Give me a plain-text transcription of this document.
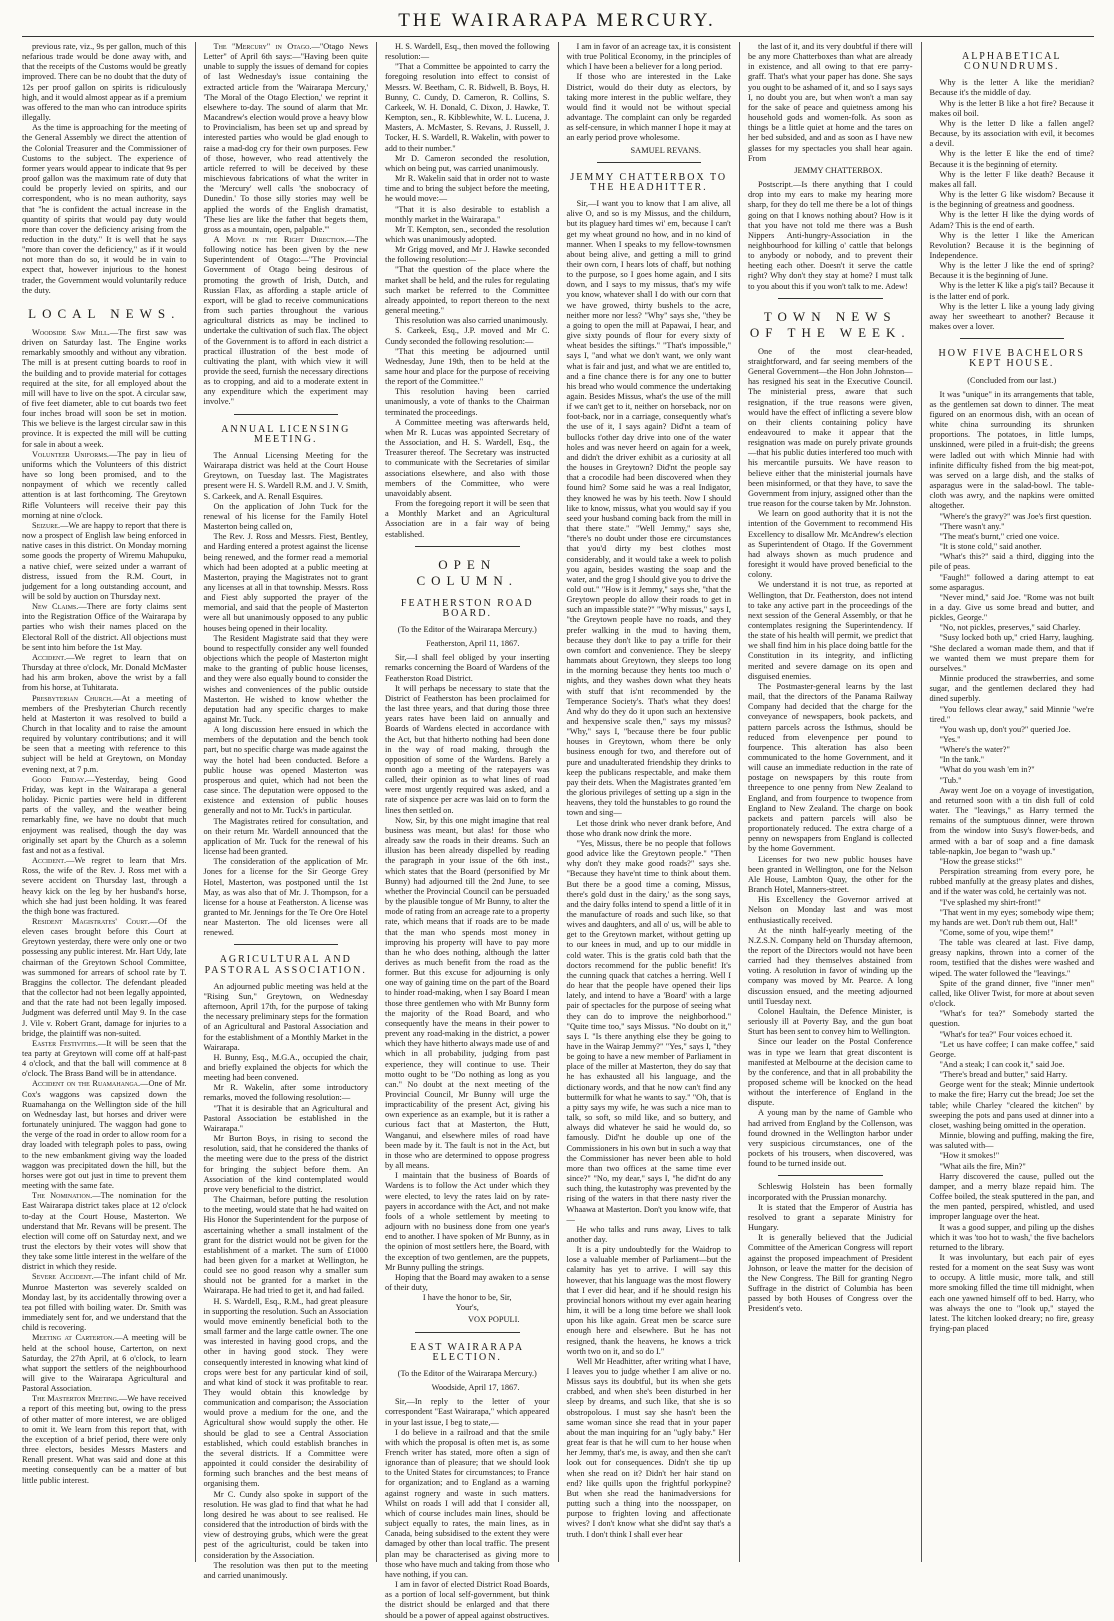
THE WAIRARAPA MERCURY.

previous rate, viz., 9s per gallon, much of this nefarious trade would be done away with, and that the receipts of the Customs would be greatly improved. There can be no doubt that the duty of 12s per proof gallon on spirits is ridiculously high, and it would almost appear as if a premium was offered to the man who can introduce spirits illegally.

As the time is approaching for the meeting of the General Assembly we direct the attention of the Colonial Treasurer and the Commissioner of Customs to the subject. The experience of former years would appear to indicate that 9s per proof gallon was the maximum rate of duty that could be properly levied on spirits, and our correspondent, who is no mean authority, says that "he is confident the actual increase in the quantity of spirits that would pay duty would more than cover the deficiency arising from the reduction in the duty." It is well that he says "more than cover the deficiency," as if it would not more than do so, it would be in vain to expect that, however injurious to the honest trader, the Government would voluntarily reduce the duty.

LOCAL NEWS.

Woodside Saw Mill.—The first saw was driven on Saturday last. The Engine works remarkably smoothly and without any vibration. The mill is at present cutting boards to roof in the building and to provide material for cottages required at the site, for all employed about the mill will have to live on the spot. A circular saw, of five feet diameter, able to cut boards two feet four inches broad will soon be set in motion. This we believe is the largest circular saw in this province. It is expected the mill will be cutting for sale in about a week.

Volunteer Uniforms.—The pay in lieu of uniforms which the Volunteers of this district have so long been promised, and to the nonpayment of which we recently called attention is at last forthcoming. The Greytown Rifle Volunteers will receive their pay this morning at nine o'clock.

Seizure.—We are happy to report that there is now a prospect of English law being enforced in native cases in this district. On Monday morning some goods the property of Wiremu Mahupuku, a native chief, were seized under a warrant of distress, issued from the R.M. Court, in judgement for a long outstanding account, and will be sold by auction on Thursday next.

New Claims.—There are forty claims sent into the Registration Office of the Wairarapa by parties who wish their names placed on the Electoral Roll of the district. All objections must be sent into him before the 1st May.

Accident.—We regret to learn that on Thursday at three o'clock, Mr. Donald McMaster had his arm broken, above the wrist by a fall from his horse, at Tuhitarata.

Presbyterian Church.—At a meeting of members of the Presbyterian Church recently held at Masterton it was resolved to build a Church in that locality and to raise the amount required by voluntary contributions; and it will be seen that a meeting with reference to this subject will be held at Greytown, on Monday evening next, at 7 p.m.

Good Friday.—Yesterday, being Good Friday, was kept in the Wairarapa a general holiday. Picnic parties were held in different parts of the valley, and the weather being remarkably fine, we have no doubt that much enjoyment was realised, though the day was originally set apart by the Church as a solemn fast and not as a festival.

Accident.—We regret to learn that Mrs. Ross, the wife of the Rev. J. Ross met with a severe accident on Thursday last, through a heavy kick on the leg by her husband's horse, which she had just been holding. It was feared the thigh bone was fractured.

Resident Magistrates' Court.—Of the eleven cases brought before this Court at Greytown yesterday, there were only one or two possessing any public interest. Mr. Hart Udy, late chairman of the Greytown School Committee, was summoned for arrears of school rate by T. Braggins the collector. The defendant pleaded that the collector had not been legally appointed, and that the rate had not been legally imposed. Judgment was deferred until May 9. In the case J. Vile v. Robert Grant, damage for injuries to a bridge, the plaintiff was non-suited.

Easter Festivities.—It will be seen that the tea party at Greytown will come off at half-past 4 o'clock, and that the ball will commence at 8 o'clock. The Brass Band will be in attendance.

Accident on the Ruamahanga.—One of Mr. Cox's waggons was capsized down the Ruamahanga on the Wellington side of the hill on Wednesday last, but horses and driver were fortunately uninjured. The waggon had gone to the verge of the road in order to allow room for a dray loaded with telegraph poles to pass, owing to the new embankment giving way the loaded waggon was precipitated down the hill, but the horses were got out just in time to prevent them meeting with the same fate.

The Nomination.—The nomination for the East Wairarapa district takes place at 12 o'clock to-day at the Court House, Masterton. We understand that Mr. Revans will be present. The election will come off on Saturday next, and we trust the electors by their votes will show that they take some little interest in the welfare of the district in which they reside.

Severe Accident.—The infant child of Mr. Munroe Masterton was severely scalded on Monday last, by its accidentally throwing over a tea pot filled with boiling water. Dr. Smith was immediately sent for, and we understand that the child is recovering.

Meeting at Carterton.—A meeting will be held at the school house, Carterton, on next Saturday, the 27th April, at 6 o'clock, to learn what support the settlers of the neighbourhood will give to the Wairarapa Agricultural and Pastoral Association.

The Masterton Meeting.—We have received a report of this meeting but, owing to the press of other matter of more interest, we are obliged to omit it. We learn from this report that, with the exception of a brief period, there were only three electors, besides Messrs Masters and Renall present. What was said and done at this meeting consequently can be a matter of but little public interest.

The "Mercury" in Otago.—"Otago News Letter" of April 6th says:—"Having been quite unable to supply the issues of demand for copies of last Wednesday's issue containing the extracted article from the 'Wairarapa Mercury,' 'The Moral of the Otago Election,' we reprint it elsewhere to-day. The sound of alarm that Mr. Macandrew's election would prove a heavy blow to Provincialism, has been set up and spread by interested parties who would be glad enough to raise a mad-dog cry for their own purposes. Few of those, however, who read attentively the article referred to will be deceived by these mischievous fabrications of what the writer in the 'Mercury' well calls 'the snobocracy of Dunedin.' To those silly stories may well be applied the words of the English dramatist, 'These lies are like the father that begets them, gross as a mountain, open, palpable.'"

A Move in the Right Direction.—The following notice has been given by the new Superintendent of Otago:—"The Provincial Government of Otago being desirous of promoting the growth of Irish, Dutch, and Russian Flax, as affording a staple article of export, will be glad to receive communications from such parties throughout the various agricultural districts as may be inclined to undertake the cultivation of such flax. The object of the Government is to afford in each district a practical illustration of the best mode of cultivating the plant, with which view it will provide the seed, furnish the necessary directions as to cropping, and aid to a moderate extent in any expenditure which the experiment may involve."

ANNUAL LICENSING MEETING.

The Annual Licensing Meeting for the Wairarapa district was held at the Court House Greytown, on Tuesday last. The Magistrates present were H. S. Wardell R.M. and J. V. Smith, S. Carkeek, and A. Renall Esquires.

On the application of John Tuck for the renewal of his license for the Family Hotel Masterton being called on,

The Rev. J. Ross and Messrs. Fiest, Bentley, and Harding entered a protest against the license being renewed, and the former read a memorial which had been adopted at a public meeting at Masterton, praying the Magistrates not to grant any licenses at all in that township. Messrs. Ross and Fiest ably supported the prayer of the memorial, and said that the people of Masterton were all but unanimously opposed to any public houses being opened in their locality.

The Resident Magistrate said that they were bound to respectfully consider any well founded objections which the people of Masterton might make to the granting of public house licenses, and they were also equally bound to consider the wishes and conveniences of the public outside Masterton. He wished to know whether the deputation had any specific charges to make against Mr. Tuck.

A long discussion here ensued in which the members of the deputation and the bench took part, but no specific charge was made against the way the hotel had been conducted. Before a public house was opened Masterton was prosperous and quiet, which had not been the case since. The deputation were opposed to the existence and extension of public houses generally and not to Mr. Tuck's in particular.

The Magistrates retired for consultation, and on their return Mr. Wardell announced that the application of Mr. Tuck for the renewal of his license had been granted.

The consideration of the application of Mr. Jones for a license for the Sir George Grey Hotel, Masterton, was postponed until the 1st May, as was also that of Mr. J. Thompson, for a license for a house at Featherston. A license was granted to Mr. Jennings for the Te Ore Ore Hotel near Masterton. The old licenses were all renewed.

AGRICULTURAL AND PASTORAL ASSOCIATION.

An adjourned public meeting was held at the "Rising Sun," Greytown, on Wednesday afternoon, April 17th, for the purpose of taking the necessary preliminary steps for the formation of an Agricultural and Pastoral Association and for the establishment of a Monthly Market in the Wairarapa.

H. Bunny, Esq., M.G.A., occupied the chair, and briefly explained the objects for which the meeting had been convened.

Mr R. Wakelin, after some introductory remarks, moved the following resolution:—

"That it is desirable that an Agricultural and Pastoral Association be established in the Wairarapa."

Mr Burton Boys, in rising to second the resolution, said, that he considered the thanks of the meeting were due to the press of the district for bringing the subject before them. An Association of the kind contemplated would prove very beneficial to the district.

The Chairman, before putting the resolution to the meeting, would state that he had waited on His Honor the Superintendent for the purpose of ascertaining whether a small instalment of the grant for the district would not be given for the establishment of a market. The sum of £1000 had been given for a market at Wellington, he could see no good reason why a smaller sum should not be granted for a market in the Wairarapa. He had tried to get it, and had failed.

H. S. Wardell, Esq., R.M., had great pleasure in supporting the resolution. Such an Association would move eminently beneficial both to the small farmer and the large cattle owner. The one was interested in having good crops, and the other in having good stock. They were consequently interested in knowing what kind of crops were best for any particular kind of soil, and what kind of stock it was profitable to rear. They would obtain this knowledge by communication and comparison; the Association would prove a medium for the one, and the Agricultural show would supply the other. He should be glad to see a Central Association established, which could establish branches in the several districts. If a Committee were appointed it could consider the desirability of forming such branches and the best means of organising them.

Mr C. Cundy also spoke in support of the resolution. He was glad to find that what he had long desired he was about to see realised. He considered that the introduction of birds with the view of destroying grubs, which were the great pest of the agriculturist, could be taken into consideration by the Association.

The resolution was then put to the meeting and carried unanimously.

H. S. Wardell, Esq., then moved the following resolution:—

"That a Committee be appointed to carry the foregoing resolution into effect to consist of Messrs. W. Beetham, C. R. Bidwell, B. Boys, H. Bunny, C. Cundy, D. Cameron, R. Collins, S. Carkeek, W. H. Donald, C. Dixon, J. Hawke, T. Kempton, sen., R. Kibblewhite, W. L. Lucena, J. Masters, A. McMaster, S. Revans, J. Russell, J. Tocker, H. S. Wardell, R. Wakelin, with power to add to their number."

Mr D. Cameron seconded the resolution, which on being put, was carried unanimously.

Mr R. Wakelin said that in order not to waste time and to bring the subject before the meeting, he would move:—

"That it is also desirable to establish a monthly market in the Wairarapa."

Mr T. Kempton, sen., seconded the resolution which was unanimously adopted.

Mr Grigg moved, and Mr J. Hawke seconded the following resolution:—

"That the question of the place where the market shall be held, and the rules for regulating such market be referred to the Committee already appointed, to report thereon to the next general meeting."

This resolution was also carried unanimously.

S. Carkeek, Esq., J.P. moved and Mr C. Cundy seconded the following resolution:—

"That this meeting be adjourned until Wednesday, June 19th, then to be held at the same hour and place for the purpose of receiving the report of the Committee."

This resolution having been carried unanimously, a vote of thanks to the Chairman terminated the proceedings.

A Committee meeting was afterwards held, when Mr R. Lucas was appointed Secretary of the Association, and H. S. Wardell, Esq., the Treasurer thereof. The Secretary was instructed to communicate with the Secretaries of similar associations elsewhere, and also with those members of the Committee, who were unavoidably absent.

From the foregoing report it will be seen that a Monthly Market and an Agricultural Association are in a fair way of being established.

OPEN COLUMN.
FEATHERSTON ROAD BOARD.
(To the Editor of the Wairarapa Mercury.)
Featherston, April 11, 1867.

Sir,—I shall feel obliged by your inserting remarks concerning the Board of Wardens of the Featherston Road District.

It will perhaps be necessary to state that the District of Featherston has been proclaimed for the last three years, and that during those three years rates have been laid on annually and Boards of Wardens elected in accordance with the Act, but that hitherto nothing had been done in the way of road making, through the opposition of some of the Wardens. Barely a month ago a meeting of the ratepayers was called, their opinion as to what lines of road were most urgently required was asked, and a rate of sixpence per acre was laid on to form the lines then settled on.

Now, Sir, by this one might imagine that real business was meant, but alas! for those who already saw the roads in their dreams. Such an illusion has been already dispelled by reading the paragraph in your issue of the 6th inst., which states that the Board (personified by Mr Bunny) had adjourned till the 2nd June, to see whether the Provincial Council can be persuaded by the plausible tongue of Mr Bunny, to alter the mode of rating from an acreage rate to a property rate, which means that if roads are to be made that the man who spends most money in improving his property will have to pay more than he who does nothing, although the latter derives as much benefit from the road as the former. But this excuse for adjourning is only one way of gaining time on the part of the Board to hinder road-making, when I say Board I mean those three gentlemen who with Mr Bunny form the majority of the Road Board, and who consequently have the means in their power to prevent any road-making in the district, a power which they have hitherto always made use of and which in all probability, judging from past experience, they will continue to use. Their motto ought to be "Do nothing as long as you can." No doubt at the next meeting of the Provincial Council, Mr Bunny will urge the impracticability of the present Act, giving his own experience as an example, but it is rather a curious fact that at Masterton, the Hutt, Wanganui, and elsewhere miles of road have been made by it. The fault is not in the Act, but in those who are determined to oppose progress by all means.

I maintain that the business of Boards of Wardens is to follow the Act under which they were elected, to levy the rates laid on by rate-payers in accordance with the Act, and not make fools of a whole settlement by meeting to adjourn with no business done from one year's end to another. I have spoken of Mr Bunny, as in the opinion of most settlers here, the Board, with the exception of two gentlemen, are the puppets, Mr Bunny pulling the strings.

Hoping that the Board may awaken to a sense of their duty,

I have the honor to be, Sir,
Your's,
VOX POPULI.
EAST WAIRARAPA ELECTION.
(To the Editor of the Wairarapa Mercury.)
Woodside, April 17, 1867.

Sir,—In reply to the letter of your correspondent "East Wairarapa," which appeared in your last issue, I beg to state,—

I do believe in a railroad and that the smile with which the proposal is often met is, as some French writer has stated, more often a sign of ignorance than of pleasure; that we should look to the United States for circumstances; to France for organization; and to England as a warning against rognery and waste in such matters. Whilst on roads I will add that I consider all, which of course includes main lines, should be subject equally to rates, the main lines, as in Canada, being subsidised to the extent they were damaged by other than local traffic. The present plan may be characterised as giving more to those who have much and taking from those who have nothing, if you can.

I am in favor of elected District Road Boards, as a portion of local self-government, but think the district should be enlarged and that there should be a power of appeal against obstructives.

I am in favor of an acreage tax, it is consistent with true Political Economy, in the principles of which I have been a believer for a long period.

If those who are interested in the Lake District, would do their duty as electors, by taking more interest in the public welfare, they would find it would not be without special advantage. The complaint can only be regarded as self-censure, in which manner I hope it may at an early period prove wholesome.

SAMUEL REVANS.
JEMMY CHATTERBOX TO THE HEADHITTER.

Sir,—I want you to know that I am alive, all alive O, and so is my Missus, and the childurn, but its plaguey hard times wi' em, because I can't get my wheat ground no how, and in no kind of manner. When I speaks to my fellow-townsmen about being alive, and getting a mill to grind their own corn, I hears lots of chaff, but nothing to the purpose, so I goes home again, and I sits down, and I says to my missus, that's my wife you know, whatever shall I do with our corn that we have growed, thirty bushels to the acre, neither more nor less? "Why" says she, "they be a going to open the mill at Papawai, I hear, and give sixty pounds of flour for every sixty of wheat besides the siftings." "That's impossible," says I, "and what we don't want, we only want what is fair and just, and what we are entitled to, and a fine chance there is for any one to butter his bread who would commence the undertaking again. Besides Missus, what's the use of the mill if we can't get to it, neither on horseback, nor on foot-back, nor in a carriage, consequently what's the use of it, I says again? Did'nt a team of bullocks t'other day drive into one of the water holes and was never heerd on again for a week, and didn't the driver exhibit as a curiosity at all the houses in Greytown? Did'nt the people say that a crocodile had been discovered when they found him? Some said he was a real Indigator, they knowed he was by his teeth. Now I should like to know, missus, what you would say if you seed your husband coming back from the mill in that there state." "Well Jemmy," says she, "there's no doubt under those ere circumstances that you'd dirty my best clothes most considerably, and it would take a week to polish you again, besides wasting the soap and the water, and the grog I should give you to drive the cold out." "How is it Jemmy," says she, "that the Greytown people do allow their roads to get in such an impassible state?" "Why missus," says I, "the Greytown people have no roads, and they prefer walking in the mud to having them, because they don't like to pay a trifle for their own comfort and convenience. They be sleepy hammats about Greytown, they sleeps too long in the morning because they hents too much o' nights, and they washes down what they heats with stuff that is'nt recommended by the Temperance Society's. That's what they does! And why do they do it upon such an hextensive and hexpensive scale then," says my missus? "Why," says I, "because there be four public houses in Greytown, whom there be only business enough for two, and therefore out of pure and unadulterated friendship they drinks to keep the publicans respectable, and make them pay their dets. When the Magistrates granted 'em the glorious privileges of setting up a sign in the heavens, they told the hunstables to go round the town and sing—

Let those drink who never drank before, And those who drank now drink the more.

"Yes, Missus, there be no people that follows good advice like the Greytown people." "Then why don't they make good roads?" says she. "Because they have'nt time to think about them. But there be a good time a coming, Missus, there's gold dust in the dairy,' as the song says, and the dairy folks intend to spend a little of it in the manufacture of roads and such like, so that wives and daughters, and all o' us, will be able to get to the Greytown market, without getting up to our knees in mud, and up to our middle in cold water. This is the gratis cold bath that the doctors recommend for the public benefit! It's the cunning quack that catches a herring. Well I do hear that the people have opened their lips lately, and intend to have a 'Board' with a large pair of spectacles for the purpose of seeing what they can do to improve the neighborhood." "Quite time too," says Missus. "No doubt on it," says I. "Is there anything else they be going to have in the Wairap Jemmy?" "Yes," says I, "they be going to have a new member of Parliament in place of the miller at Masterton, they do say that he has exhausted all his language, and the dictionary words, and that he now can't find any buttermilk for what he wants to say." "Oh, that is a pitty says my wife, he was such a nice man to talk, so soft, so mild like, and so buttery, and always did whatever he said he would do, so famously. Did'nt he double up one of the Commissioners in his own but in such a way that the Commissioner has never been able to hold more than two offices at the same time ever since?" "No, my dear," says I, "he did'nt do any such thing, the kutastrophy was prevented by the rising of the waters in that there nasty river the Whaawa at Masterton. Don't you know wife, that—

He who talks and runs away, Lives to talk another day.

It is a pity undoubtedly for the Waidrop to lose a valuable member of Parliament—but the calamity has yet to arrive. I will say this however, that his language was the most flowery that I ever did hear, and if he should resign his provincial honors without my ever again hearing him, it will be a long time before we shall look upon his like again. Great men be scarce sure enough here and elsewhere. But he has not resigned, thank the heavens, he knows a trick worth two on it, and so do I."

Well Mr Headhitter, after writing what I have, I leaves you to judge whether I am alive or no. Missus says its doubtful, but its when she gets crabbed, and when she's been disturbed in her sleep by dreams, and such like, that she is so obstropolous. I must say she hasn't been the same woman since she read that in your paper about the man inquiring for an "ugly baby." Her great fear is that he will cum to her house when her Jemmy, that's me, is away, and then she can't look out for consequences. Didn't she tip up when she read on it? Didn't her hair stand on end? like quills upon the frightful porkypine? But when she read the hanimadversions for putting such a thing into the noosspaper, on purpose to frighten loving and affectionate wives? I don't know what she did'nt say that's a truth. I don't think I shall ever hear

the last of it, and its very doubtful if there will be any more Chatterboxes than what are already in existence, and all owing to that ere parry-graff. That's what your paper has done. She says you ought to be ashamed of it, and so I says says I, no doubt you are, but when won't a man say for the sake of peace and quietness among his household gods and women-folk. As soon as things be a little quiet at home and the tares on her bed subsided, and and as soon as I have new glasses for my spectacles you shall hear again. From

JEMMY CHATTERBOX.

Postscript.—Is there anything that I could drop into my ears to make my hearing more sharp, for they do tell me there be a lot of things going on that I knows nothing about? How is it that you have not told me there was a Bush Nippers Anti-hungry-Association in the neighbourhood for killing o' cattle that belongs to anybody or nobody, and to prevent their heeting each other. Doesn't it serve the cattle right? Why don't they stay at home? I must talk to you about this if you won't talk to me. Adew!

TOWN NEWS OF THE WEEK.

One of the most clear-headed, straightforward, and far seeing members of the General Government—the Hon John Johnston—has resigned his seat in the Executive Council. The ministerial press, aware that such resignation, if the true reasons were given, would have the effect of inflicting a severe blow on their clients containing policy have endeavoured to make it appear that the resignation was made on purely private grounds—that his public duties interfered too much with his mercantile pursuits. We have reason to believe either that the ministerial journals have been misinformed, or that they have, to save the Government from injury, assigned other than the true reason for the course taken by Mr. Johnston.

We learn on good authority that it is not the intention of the Government to recommend His Excellency to disallow Mr. McAndrew's election as Superintendent of Otago. If the Government had always shown as much prudence and foresight it would have proved beneficial to the colony.

We understand it is not true, as reported at Wellington, that Dr. Featherston, does not intend to take any active part in the proceedings of the next session of the General Assembly, or that he contemplates resigning the Superintendency. If the state of his health will permit, we predict that we shall find him in his place doing battle for the Constitution in its integrity, and inflicting merited and severe damage on its open and disguised enemies.

The Postmaster-general learns by the last mail, that the directors of the Panama Railway Company had decided that the charge for the conveyance of newspapers, book packets, and pattern parcels across the Isthmus, should be reduced from elevenpence per pound to fourpence. This alteration has also been communicated to the home Government, and it will cause an immediate reduction in the rate of postage on newspapers by this route from threepence to one penny from New Zealand to England, and from fourpence to twopence from England to New Zealand. The charge on book packets and pattern parcels will also be proportionately reduced. The extra charge of a penny on newspapers from England is collected by the home Government.

Licenses for two new public houses have been granted in Wellington, one for the Nelson Ale House, Lambton Quay, the other for the Branch Hotel, Manners-street.

His Excellency the Governor arrived at Nelson on Monday last and was most enthusiastically received.

At the ninth half-yearly meeting of the N.Z.S.N. Company held on Thursday afternoon, the report of the Directors would not have been carried had they themselves abstained from voting. A resolution in favor of winding up the company was moved by Mr. Pearce. A long discussion ensued, and the meeting adjourned until Tuesday next.

Colonel Haultain, the Defence Minister, is seriously ill at Poverty Bay, and the gun boat Sturt has been sent to convey him to Wellington.

Since our leader on the Postal Conference was in type we learn that great discontent is manifested at Melbourne at the decision came to by the conference, and that in all probability the proposed scheme will be knocked on the head without the interference of England in the dispute.

A young man by the name of Gamble who had arrived from England by the Collenson, was found drowned in the Wellington harbor under very suspicious circumstances, one of the pockets of his trousers, when discovered, was found to be turned inside out.

Schleswig Holstein has been formally incorporated with the Prussian monarchy.

It is stated that the Emperor of Austria has resolved to grant a separate Ministry for Hungary.

It is generally believed that the Judicial Committee of the American Congress will report against the proposed impeachment of President Johnson, or leave the matter for the decision of the New Congress. The Bill for granting Negro Suffrage in the district of Columbia has been passed by both Houses of Congress over the President's veto.

ALPHABETICAL CONUNDRUMS.

Why is the letter A like the meridian? Because it's the middle of day.

Why is the letter B like a hot fire? Because it makes oil boil.

Why is the letter D like a fallen angel? Because, by its association with evil, it becomes a devil.

Why is the letter E like the end of time? Because it is the beginning of eternity.

Why is the letter F like death? Because it makes all fall.

Why is the letter G like wisdom? Because it is the beginning of greatness and goodness.

Why is the letter H like the dying words of Adam? This is the end of earth.

Why is the letter I like the American Revolution? Because it is the beginning of Independence.

Why is the letter J like the end of spring? Because it is the beginning of June.

Why is the letter K like a pig's tail? Because it is the latter end of pork.

Why is the letter L like a young lady giving away her sweetheart to another? Because it makes over a lover.

HOW FIVE BACHELORS KEPT HOUSE.
(Concluded from our last.)

It was "unique" in its arrangements that table, as the gentlemen sat down to dinner. The meat figured on an enormous dish, with an ocean of white china surrounding its shrunken proportions. The potatoes, in little lumps, unskinned, were piled in a fruit-dish; the greens were ladled out with which Minnie had with infinite difficulty fished from the big meat-pot, was served on a large dish, and the stalks of asparagus were in the salad-bowl. The table-cloth was awry, and the napkins were omitted altogether.

"Where's the gravy?" was Joe's first question.

"There wasn't any."

"The meat's burnt," cried one voice.

"It is stone cold," said another.

"What's this?" said a third, digging into the pile of peas.

"Faugh!" followed a daring attempt to eat some asparagus.

"Never mind," said Joe. "Rome was not built in a day. Give us some bread and butter, and pickles, George."

"No, not pickles, preserves," said Charley.

"Susy locked both up," cried Harry, laughing. "She declared a woman made them, and that if we wanted them we must prepare them for ourselves."

Minnie produced the strawberries, and some sugar, and the gentlemen declared they had dined superbly.

"You fellows clear away," said Minnie "we're tired."

"You wash up, don't you?" queried Joe.

"Yes."

"Where's the water?"

"In the tank."

"What do you wash 'em in?"

"Tub."

Away went Joe on a voyage of investigation, and returned soon with a tin dish full of cold water. The "leavings," as Harry termed the remains of the sumptuous dinner, were thrown from the window into Susy's flower-beds, and armed with a bar of soap and a fine damask table-napkin, Joe began to "wash up."

"How the grease sticks!"

Perspiration streaming from every pore, he rubbed manfully at the greasy plates and dishes, and if the water was cold, he certainly was not.

"I've splashed my shirt-front!"

"That went in my eyes; somebody wipe them; my hands are wet. Don't rub them out, Hal!"

"Come, some of you, wipe them!"

The table was cleared at last. Five damp, greasy napkins, thrown into a corner of the room, testified that the dishes were washed and wiped. The water followed the "leavings."

Spite of the grand dinner, five "inner men" called, like Oliver Twist, for more at about seven o'clock.

"What's for tea?" Somebody started the question.

"What's for tea?" Four voices echoed it.

"Let us have coffee; I can make coffee," said George.

"And a steak; I can cook it," said Joe.

"There's bread and butter," said Harry.

George went for the steak; Minnie undertook to make the fire; Harry cut the bread; Joe set the table; while Charley "cleared the kitchen" by sweeping the pots and pans used at dinner into a closet, washing being omitted in the operation.

Minnie, blowing and puffing, making the fire, was saluted with—

"How it smokes!"

"What ails the fire, Min?"

Harry discovered the cause, pulled out the damper, and a merry blaze repaid him. The Coffee boiled, the steak sputtered in the pan, and the men panted, perspired, whistled, and used improper language over the heat.

It was a good supper, and piling up the dishes which it was 'too hot to wash,' the five bachelors returned to the library.

It was involuntary, but each pair of eyes rested for a moment on the seat Susy was wont to occupy. A little music, more talk, and still more smoking filled the time till midnight, when each one yawned himself off to bed. Harry, who was always the one to "look up," stayed the latest. The kitchen looked dreary; no fire, greasy frying-pan placed
